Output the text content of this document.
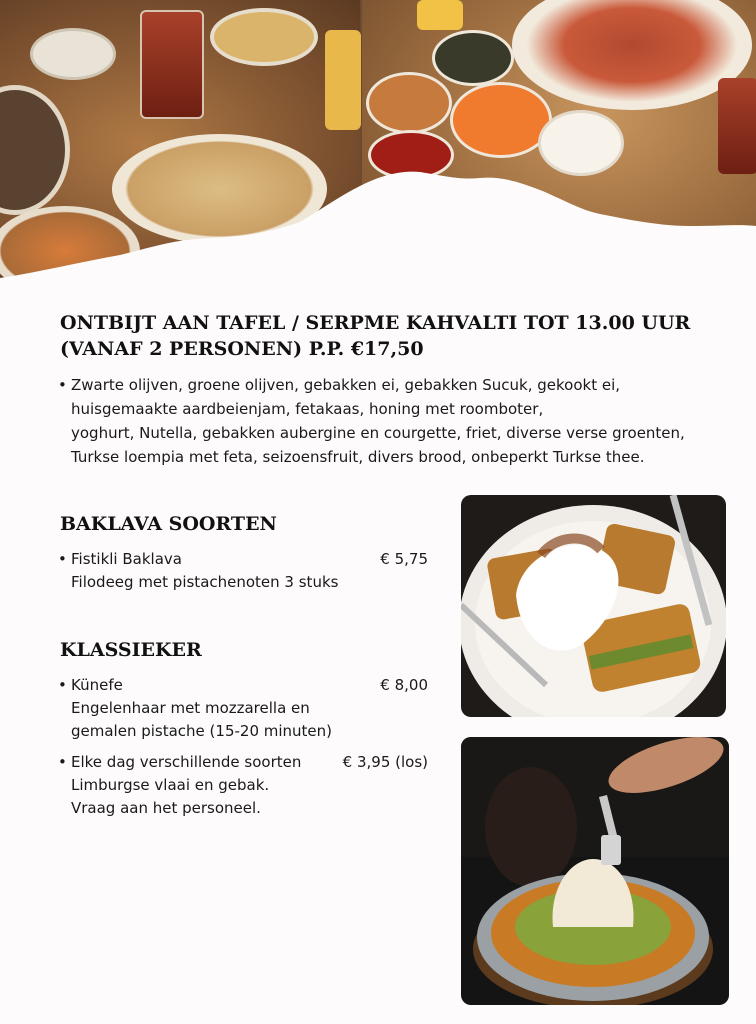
ONTBIJT AAN TAFEL / SERPME KAHVALTI TOT 13.00 UUR
(VANAF 2 PERSONEN) P.P. €17,50
• Zwarte olijven, groene olijven, gebakken ei, gebakken Sucuk, gekookt ei,
huisgemaakte aardbeienjam, fetakaas, honing met roomboter,
yoghurt, Nutella, gebakken aubergine en courgette, friet, diverse verse groenten,
Turkse loempia met feta, seizoensfruit, divers brood, onbeperkt Turkse thee.
BAKLAVA SOORTEN
• Fistikli Baklava
Filodeeg met pistachenoten 3 stuks
€ 5,75
KLASSIEKER
• Künefe
Engelenhaar met mozzarella en
gemalen pistache (15-20 minuten)
€ 8,00
• Elke dag verschillende soorten
Limburgse vlaai en gebak.
Vraag aan het personeel.
€ 3,95 (los)
